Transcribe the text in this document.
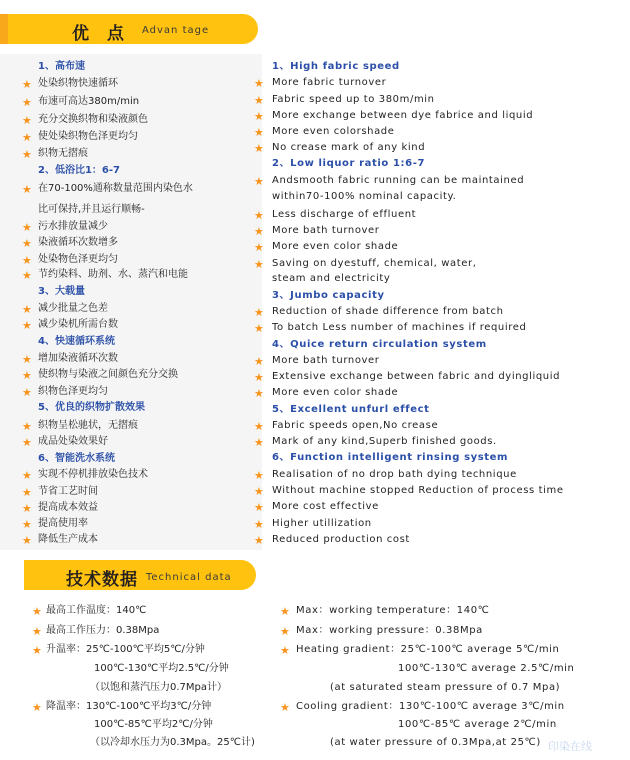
优 点 Advan tage
1、高布速
★ 处染织物快速循环
★ 布速可高达380m/min
★ 充分交换织物和染液颜色
★ 使处染织物色泽更均匀
★ 织物无摺痕
2、低浴比1：6-7
★ 在70-100%通称数量范围内染色水
比可保持,并且运行顺畅-
★ 污水排放量减少
★ 染液循环次数增多
★ 处染物色泽更均匀
★ 节约染料、助剂、水、蒸汽和电能
3、大载量
★ 减少批量之色差
★ 减少染机所需台数
4、快速循环系统
★ 增加染液循环次数
★ 使织物与染液之间颜色充分交换
★ 织物色泽更均匀
5、优良的织物扩散效果
★ 织物呈松驰状，无摺痕
★ 成品处染效果好
6、智能洗水系统
★ 实现不停机排放染色技术
★ 节省工艺时间
★ 提高成本效益
★ 提高使用率
★ 降低生产成本
1、High fabric speed
★ More fabric turnover
★ Fabric speed up to 380m/min
★ More exchange between dye fabrice and liquid
★ More even colorshade
★ No crease mark of any kind
2、Low liquor ratio 1:6-7
★ Andsmooth fabric running can be maintained
within70-100% nominal capacity.
★ Less discharge of effluent
★ More bath turnover
★ More even color shade
★ Saving on dyestuff, chemical, water,
steam and electricity
3、Jumbo capacity
★ Reduction of shade difference from batch
★ To batch Less number of machines if required
4、Quice return circulation system
★ More bath turnover
★ Extensive exchange between fabric and dyingliquid
★ More even color shade
5、Excellent unfurl effect
★ Fabric speeds open,No crease
★ Mark of any kind,Superb finished goods.
6、Function intelligent rinsing system
★ Realisation of no drop bath dying technique
★ Without machine stopped Reduction of process time
★ More cost effective
★ Higher utillization
★ Reduced production cost
技术数据 Technical data
★ 最高工作温度：140℃
★ 最高工作压力：0.38Mpa
★ 升温率：25℃-100℃平均5℃/分钟
100℃-130℃平均2.5℃/分钟
（以饱和蒸汽压力0.7Mpa计）
★ 降温率：130℃-100℃平均3℃/分钟
100℃-85℃平均2℃/分钟
（以冷却水压力为0.3Mpa。25℃计)
★ Max：working temperature：140℃
★ Max：working pressure：0.38Mpa
★ Heating gradient：25℃-100℃ average 5℃/min
100℃-130℃ average 2.5℃/min
(at saturated steam pressure of 0.7 Mpa)
★ Cooling gradient：130℃-100℃ average 3℃/min
100℃-85℃ average 2℃/min
(at water pressure of 0.3Mpa,at 25℃) 印染在线
